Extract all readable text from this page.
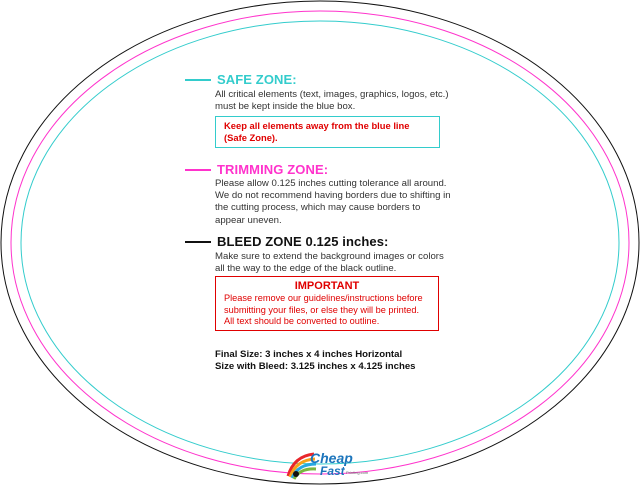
SAFE ZONE:
All critical elements (text, images, graphics, logos, etc.)
must be kept inside the blue box.
Keep all elements away from the blue line
(Safe Zone).
TRIMMING ZONE:
Please allow 0.125 inches cutting tolerance all around.
We do not recommend having borders due to shifting in
the cutting process, which may cause borders to
appear uneven.
BLEED ZONE 0.125 inches:
Make sure to extend the background images or colors
all the way to the edge of the black outline.
IMPORTANT
Please remove our guidelines/instructions before
submitting your files, or else they will be printed.
All text should be converted to outline.
Final Size: 3 inches x 4 inches Horizontal
Size with Bleed: 3.125 inches x 4.125 inches
Cheap
Fast Printing.com
